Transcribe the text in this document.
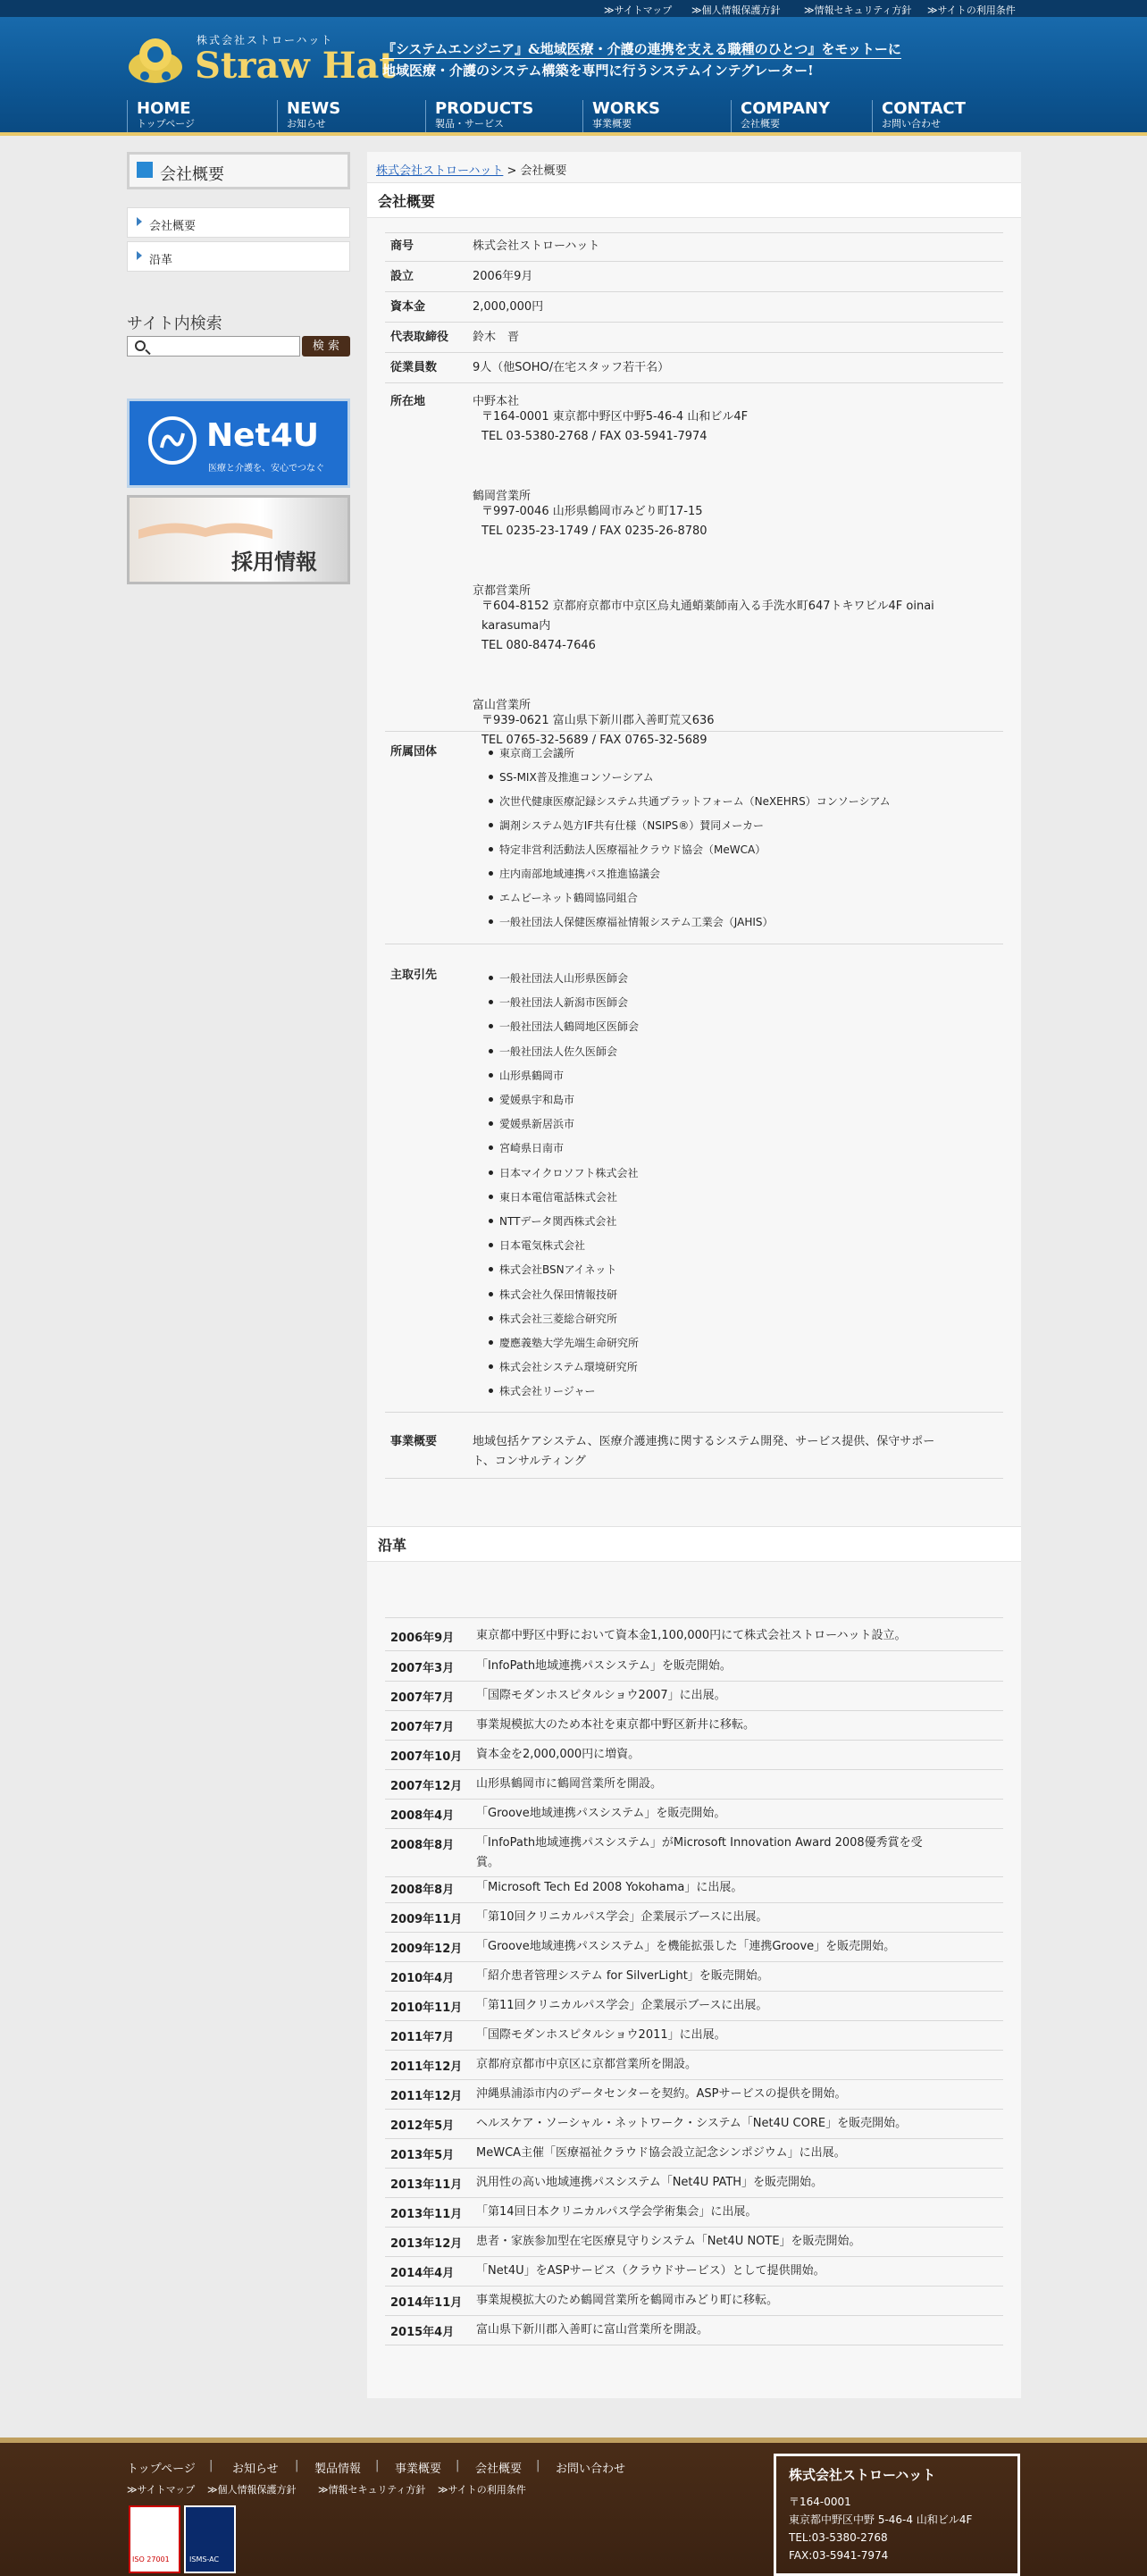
≫サイトマップ ≫個人情報保護方針 ≫情報セキュリティ方針 ≫サイトの利用条件
株式会社ストローハット
Straw Hat
『システムエンジニア』&地域医療・介護の連携を支える職種のひとつ』をモットーに
地域医療・介護のシステム構築を専門に行うシステムインテグレーター!
HOME
トップページ
NEWS
お知らせ
PRODUCTS
製品・サービス
WORKS
事業概要
COMPANY
会社概要
CONTACT
お問い合わせ
会社概要
会社概要
沿革
サイト内検索
検 索
Net4U
医療と介護を、安心でつなぐ
採用情報
株式会社ストローハット > 会社概要
会社概要
商号	株式会社ストローハット
設立	2006年9月
資本金	2,000,000円
代表取締役 鈴木　晋
従業員数	9人（他SOHO/在宅スタッフ若干名）
所在地	中野本社
〒164-0001 東京都中野区中野5-46-4 山和ビル4F
TEL 03-5380-2768 / FAX 03-5941-7974
鶴岡営業所
〒997-0046 山形県鶴岡市みどり町17-15
TEL 0235-23-1749 / FAX 0235-26-8780
京都営業所
〒604-8152 京都府京都市中京区烏丸通蛸薬師南入る手洗水町647トキワビル4F oinai
karasuma内
TEL 080-8474-7646
富山営業所
〒939-0621 富山県下新川郡入善町荒又636
TEL 0765-32-5689 / FAX 0765-32-5689
所属団体	東京商工会議所
SS-MIX普及推進コンソーシアム
次世代健康医療記録システム共通プラットフォーム（NeXEHRS）コンソーシアム
調剤システム処方IF共有仕様（NSIPS®）賛同メーカー
特定非営利活動法人医療福祉クラウド協会（MeWCA）
庄内南部地域連携パス推進協議会
エムビーネット鶴岡協同組合
一般社団法人保健医療福祉情報システム工業会（JAHIS）
主取引先	一般社団法人山形県医師会
一般社団法人新潟市医師会
一般社団法人鶴岡地区医師会
一般社団法人佐久医師会
山形県鶴岡市
愛媛県宇和島市
愛媛県新居浜市
宮崎県日南市
日本マイクロソフト株式会社
東日本電信電話株式会社
NTTデータ関西株式会社
日本電気株式会社
株式会社BSNアイネット
株式会社久保田情報技研
株式会社三菱総合研究所
慶應義塾大学先端生命研究所
株式会社システム環境研究所
株式会社リージャー
事業概要	地域包括ケアシステム、医療介護連携に関するシステム開発、サービス提供、保守サポー
ト、コンサルティング
沿革
2006年9月 東京都中野区中野において資本金1,100,000円にて株式会社ストローハット設立。
2007年3月 「InfoPath地域連携パスシステム」を販売開始。
2007年7月 「国際モダンホスピタルショウ2007」に出展。
2007年7月 事業規模拡大のため本社を東京都中野区新井に移転。
2007年10月 資本金を2,000,000円に増資。
2007年12月 山形県鶴岡市に鶴岡営業所を開設。
2008年4月 「Groove地域連携パスシステム」を販売開始。
2008年8月 「InfoPath地域連携パスシステム」がMicrosoft Innovation Award 2008優秀賞を受
賞。
2008年8月 「Microsoft Tech Ed 2008 Yokohama」に出展。
2009年11月 「第10回クリニカルパス学会」企業展示ブースに出展。
2009年12月 「Groove地域連携パスシステム」を機能拡張した「連携Groove」を販売開始。
2010年4月 「紹介患者管理システム for SilverLight」を販売開始。
2010年11月 「第11回クリニカルパス学会」企業展示ブースに出展。
2011年7月 「国際モダンホスピタルショウ2011」に出展。
2011年12月 京都府京都市中京区に京都営業所を開設。
2011年12月 沖縄県浦添市内のデータセンターを契約。ASPサービスの提供を開始。
2012年5月 ヘルスケア・ソーシャル・ネットワーク・システム「Net4U CORE」を販売開始。
2013年5月 MeWCA主催「医療福祉クラウド協会設立記念シンポジウム」に出展。
2013年11月 汎用性の高い地域連携パスシステム「Net4U PATH」を販売開始。
2013年11月 「第14回日本クリニカルパス学会学術集会」に出展。
2013年12月 患者・家族参加型在宅医療見守りシステム「Net4U NOTE」を販売開始。
2014年4月 「Net4U」をASPサービス（クラウドサービス）として提供開始。
2014年11月 事業規模拡大のため鶴岡営業所を鶴岡市みどり町に移転。
2015年4月 富山県下新川郡入善町に富山営業所を開設。
トップページ | お知らせ | 製品情報 | 事業概要 | 会社概要 | お問い合わせ
≫サイトマップ ≫個人情報保護方針 ≫情報セキュリティ方針 ≫サイトの利用条件
ISO 27001	ISMS-AC
株式会社ストローハット
〒164-0001
東京都中野区中野 5-46-4 山和ビル4F
TEL:03-5380-2768
FAX:03-5941-7974
